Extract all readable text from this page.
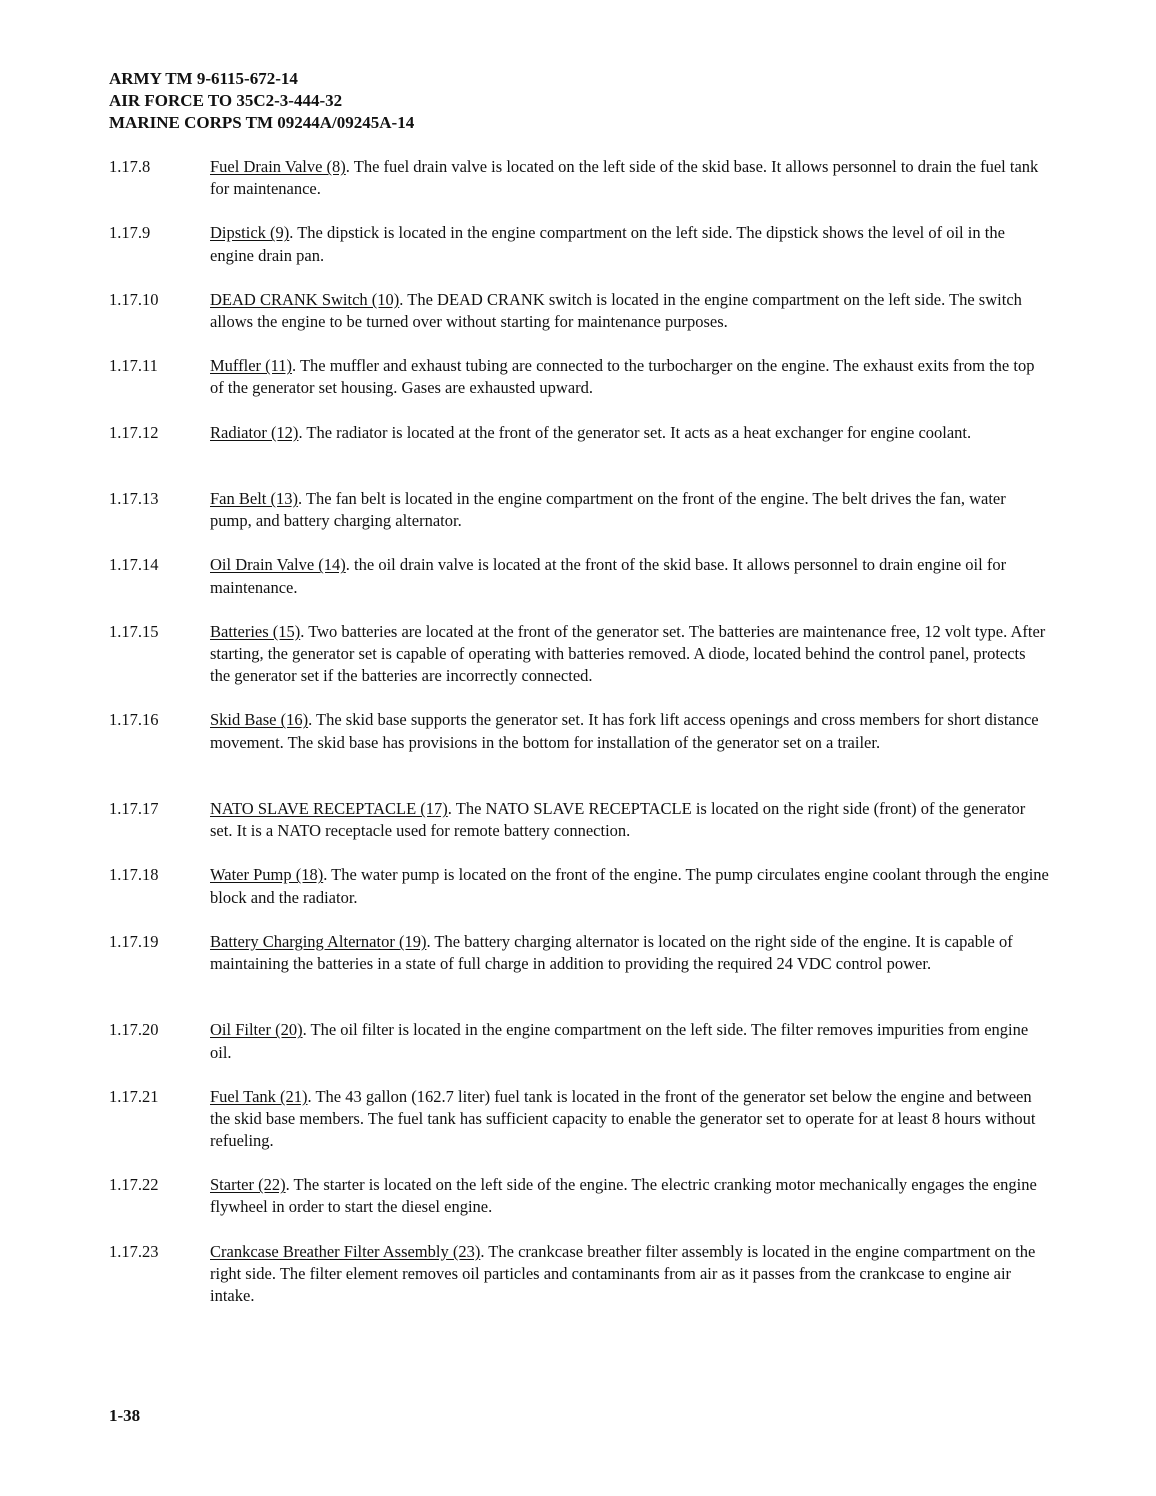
ARMY TM 9-6115-672-14
AIR FORCE TO 35C2-3-444-32
MARINE CORPS TM 09244A/09245A-14
1.17.8	Fuel Drain Valve (8). The fuel drain valve is located on the left side of the skid base. It allows personnel to drain the fuel tank for maintenance.
1.17.9	Dipstick (9). The dipstick is located in the engine compartment on the left side. The dipstick shows the level of oil in the engine drain pan.
1.17.10	DEAD CRANK Switch (10). The DEAD CRANK switch is located in the engine compartment on the left side. The switch allows the engine to be turned over without starting for maintenance purposes.
1.17.11	Muffler (11). The muffler and exhaust tubing are connected to the turbocharger on the engine. The exhaust exits from the top of the generator set housing. Gases are exhausted upward.
1.17.12	Radiator (12). The radiator is located at the front of the generator set. It acts as a heat exchanger for engine coolant.
1.17.13	Fan Belt (13). The fan belt is located in the engine compartment on the front of the engine. The belt drives the fan, water pump, and battery charging alternator.
1.17.14	Oil Drain Valve (14). the oil drain valve is located at the front of the skid base. It allows personnel to drain engine oil for maintenance.
1.17.15	Batteries (15). Two batteries are located at the front of the generator set. The batteries are maintenance free, 12 volt type. After starting, the generator set is capable of operating with batteries removed. A diode, located behind the control panel, protects the generator set if the batteries are incorrectly connected.
1.17.16	Skid Base (16). The skid base supports the generator set. It has fork lift access openings and cross members for short distance movement. The skid base has provisions in the bottom for installation of the generator set on a trailer.
1.17.17	NATO SLAVE RECEPTACLE (17). The NATO SLAVE RECEPTACLE is located on the right side (front) of the generator set. It is a NATO receptacle used for remote battery connection.
1.17.18	Water Pump (18). The water pump is located on the front of the engine. The pump circulates engine coolant through the engine block and the radiator.
1.17.19	Battery Charging Alternator (19). The battery charging alternator is located on the right side of the engine. It is capable of maintaining the batteries in a state of full charge in addition to providing the required 24 VDC control power.
1.17.20	Oil Filter (20). The oil filter is located in the engine compartment on the left side. The filter removes impurities from engine oil.
1.17.21	Fuel Tank (21). The 43 gallon (162.7 liter) fuel tank is located in the front of the generator set below the engine and between the skid base members. The fuel tank has sufficient capacity to enable the generator set to operate for at least 8 hours without refueling.
1.17.22	Starter (22). The starter is located on the left side of the engine. The electric cranking motor mechanically engages the engine flywheel in order to start the diesel engine.
1.17.23	Crankcase Breather Filter Assembly (23). The crankcase breather filter assembly is located in the engine compartment on the right side. The filter element removes oil particles and contaminants from air as it passes from the crankcase to engine air intake.
1-38
